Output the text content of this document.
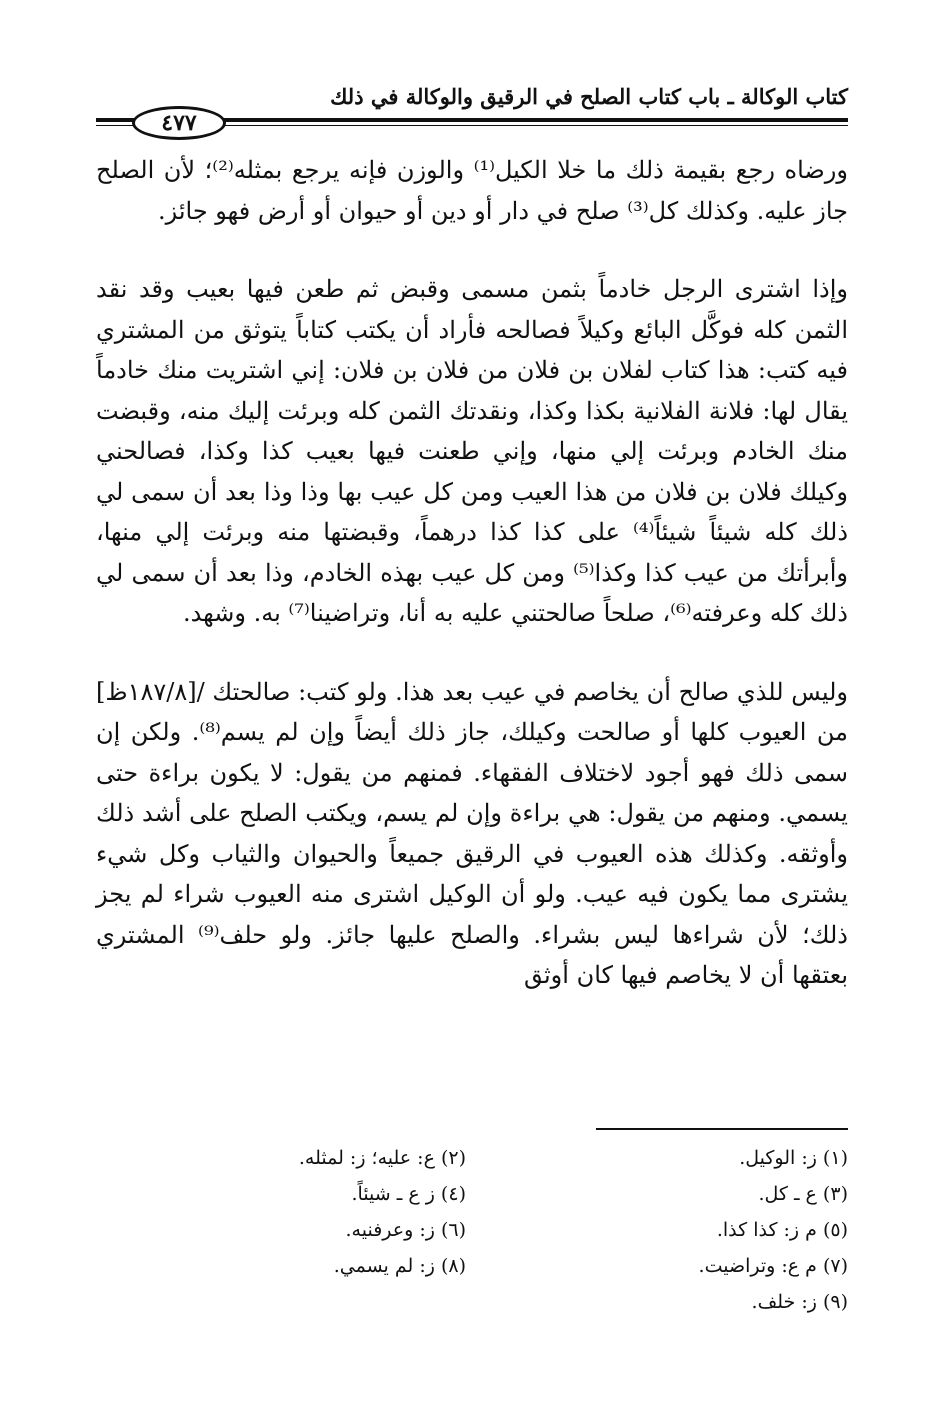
كتاب الوكالة ـ باب كتاب الصلح في الرقيق والوكالة في ذلك
٤٧٧

ورضاه رجع بقيمة ذلك ما خلا الكيل⁽¹⁾ والوزن فإنه يرجع بمثله⁽²⁾؛ لأن الصلح جاز عليه. وكذلك كل⁽³⁾ صلح في دار أو دين أو حيوان أو أرض فهو جائز.

وإذا اشترى الرجل خادماً بثمن مسمى وقبض ثم طعن فيها بعيب وقد نقد الثمن كله فوكَّل البائع وكيلاً فصالحه فأراد أن يكتب كتاباً يتوثق من المشتري فيه كتب: هذا كتاب لفلان بن فلان من فلان بن فلان: إني اشتريت منك خادماً يقال لها: فلانة الفلانية بكذا وكذا، ونقدتك الثمن كله وبرئت إليك منه، وقبضت منك الخادم وبرئت إلي منها، وإني طعنت فيها بعيب كذا وكذا، فصالحني وكيلك فلان بن فلان من هذا العيب ومن كل عيب بها وذا وذا بعد أن سمى لي ذلك كله شيئاً شيئاً⁽⁴⁾ على كذا كذا درهماً، وقبضتها منه وبرئت إلي منها، وأبرأتك من عيب كذا وكذا⁽⁵⁾ ومن كل عيب بهذه الخادم، وذا بعد أن سمى لي ذلك كله وعرفته⁽⁶⁾، صلحاً صالحتني عليه به أنا، وتراضينا⁽⁷⁾ به. وشهد.

وليس للذي صالح أن يخاصم في عيب بعد هذا. ولو كتب: صالحتك /[١٨٧/٨ظ] من العيوب كلها أو صالحت وكيلك، جاز ذلك أيضاً وإن لم يسم⁽⁸⁾. ولكن إن سمى ذلك فهو أجود لاختلاف الفقهاء. فمنهم من يقول: لا يكون براءة حتى يسمي. ومنهم من يقول: هي براءة وإن لم يسم، ويكتب الصلح على أشد ذلك وأوثقه. وكذلك هذه العيوب في الرقيق جميعاً والحيوان والثياب وكل شيء يشترى مما يكون فيه عيب. ولو أن الوكيل اشترى منه العيوب شراء لم يجز ذلك؛ لأن شراءها ليس بشراء. والصلح عليها جائز. ولو حلف⁽⁹⁾ المشتري بعتقها أن لا يخاصم فيها كان أوثق

(١) ز: الوكيل.
(٣) ع ـ كل.
(٥) م ز: كذا كذا.
(٧) م ع: وتراضيت.
(٩) ز: خلف.
(٢) ع: عليه؛ ز: لمثله.
(٤) ز ع ـ شيئاً.
(٦) ز: وعرفنيه.
(٨) ز: لم يسمي.
